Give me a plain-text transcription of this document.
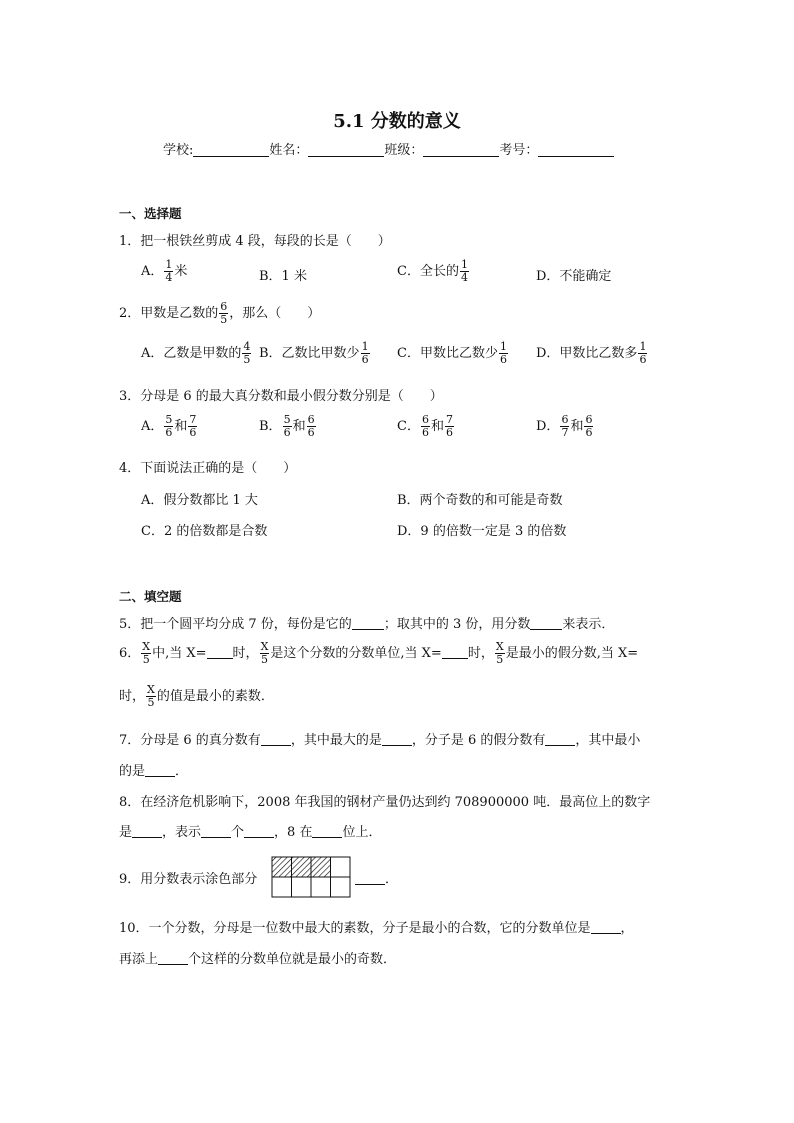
5.1 分数的意义
学校:	姓名：	班级：	考号：
一、选择题
1．把一根铁丝剪成 4 段，每段的长是（　　）
A． $\frac{1}{4}$ 米	B．1 米	C．全长的 $\frac{1}{4}$	D．不能确定
2．甲数是乙数的 $\frac{6}{5}$ ，那么（　　）
A．乙数是甲数的 $\frac{4}{5}$ B．乙数比甲数少 $\frac{1}{6}$ C．甲数比乙数少 $\frac{1}{6}$ D．甲数比乙数多 $\frac{1}{6}$
3．分母是 6 的最大真分数和最小假分数分别是（　　）
A． $\frac{5}{6}$ 和 $\frac{7}{6}$	B． $\frac{5}{6}$ 和 $\frac{6}{6}$	C． $\frac{6}{6}$ 和 $\frac{7}{6}$	D． $\frac{6}{7}$ 和 $\frac{6}{6}$
4．下面说法正确的是（　　）
A．假分数都比 1 大	B．两个奇数的和可能是奇数
C．2 的倍数都是合数	D．9 的倍数一定是 3 的倍数
二、填空题
5．把一个圆平均分成 7 份，每份是它的 ；取其中的 3 份，用分数 来表示．
6． $\frac{X}{5}$ 中,当 X= 时， $\frac{X}{5}$ 是这个分数的分数单位,当 X= 时， $\frac{X}{5}$ 是最小的假分数,当 X=
时， $\frac{X}{5}$ 的值是最小的素数．
7．分母是 6 的真分数有 ，其中最大的是 ，分子是 6 的假分数有 ，其中最小
的是 ．
8．在经济危机影响下，2008 年我国的钢材产量仍达到约 708900000 吨．最高位上的数字
是 ，表示 个 ，8 在 位上．
9．用分数表示涂色部分	．
10．一个分数，分母是一位数中最大的素数，分子是最小的合数，它的分数单位是 ，
再添上 个这样的分数单位就是最小的奇数．
